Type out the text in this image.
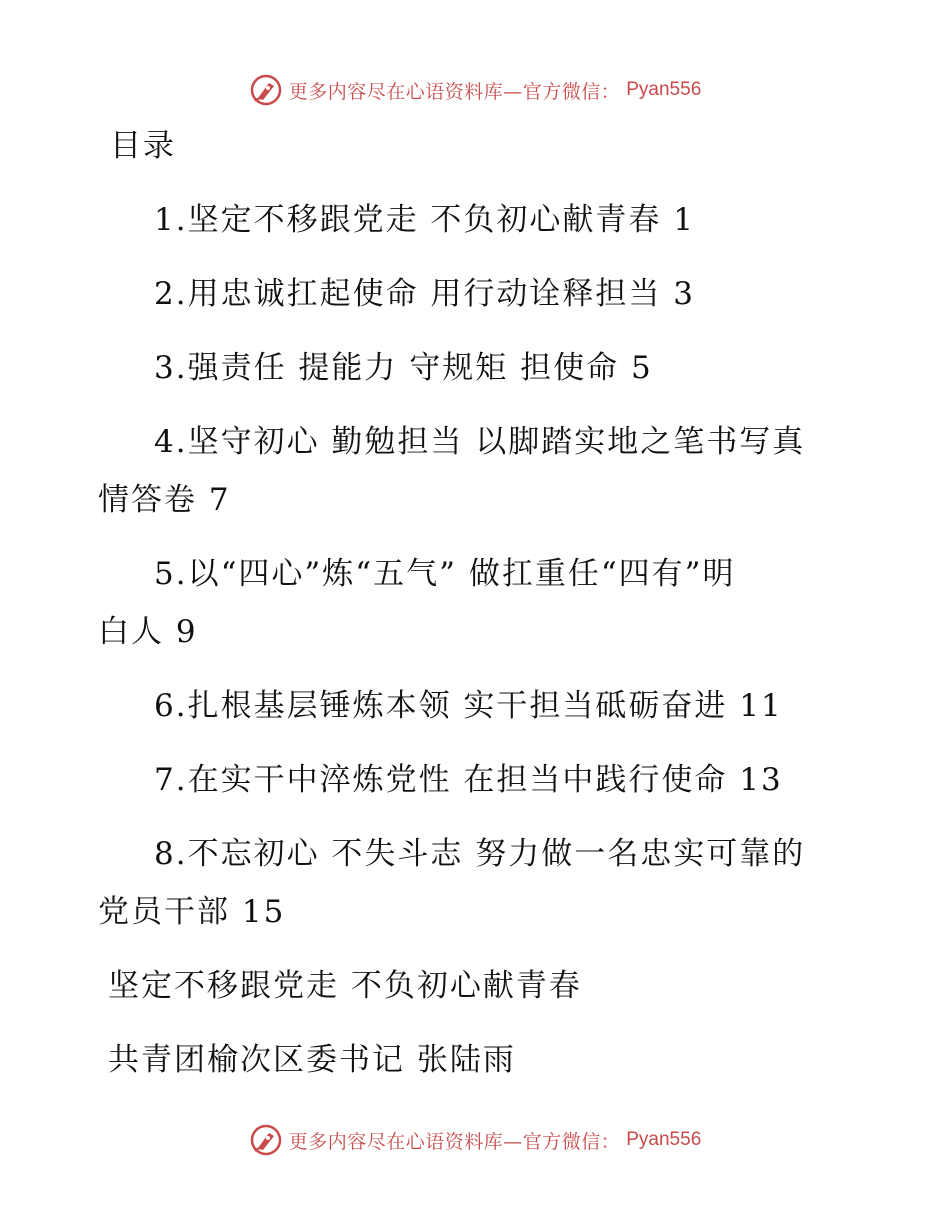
更多内容尽在心语资料库—官方微信： Pyan556
目录
1.坚定不移跟党走 不负初心献青春 1
2.用忠诚扛起使命 用行动诠释担当 3
3.强责任 提能力 守规矩 担使命 5
4.坚守初心 勤勉担当 以脚踏实地之笔书写真
情答卷 7
5.以“四心”炼“五气” 做扛重任“四有”明
白人 9
6.扎根基层锤炼本领 实干担当砥砺奋进 11
7.在实干中淬炼党性 在担当中践行使命 13
8.不忘初心 不失斗志 努力做一名忠实可靠的
党员干部 15
坚定不移跟党走 不负初心献青春
共青团榆次区委书记 张陆雨
更多内容尽在心语资料库—官方微信： Pyan556
